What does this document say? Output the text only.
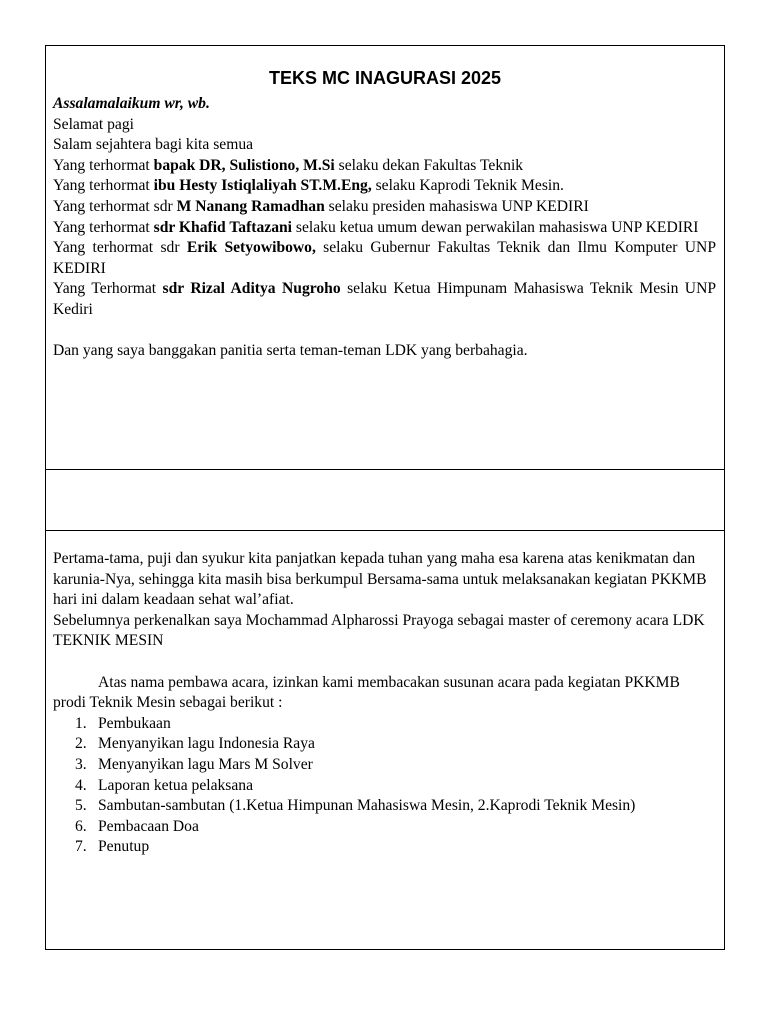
TEKS MC INAGURASI 2025

Assalamalaikum wr, wb.

Selamat pagi

Salam sejahtera bagi kita semua

Yang terhormat bapak DR, Sulistiono, M.Si selaku dekan Fakultas Teknik

Yang terhormat ibu Hesty Istiqlaliyah ST.M.Eng, selaku Kaprodi Teknik Mesin.

Yang terhormat sdr M Nanang Ramadhan selaku presiden mahasiswa UNP KEDIRI

Yang terhormat sdr Khafid Taftazani selaku ketua umum dewan perwakilan mahasiswa UNP KEDIRI

Yang terhormat sdr Erik Setyowibowo, selaku Gubernur Fakultas Teknik dan Ilmu Komputer UNP KEDIRI

Yang Terhormat sdr Rizal Aditya Nugroho selaku Ketua Himpunam Mahasiswa Teknik Mesin UNP Kediri

Dan yang saya banggakan panitia serta teman-teman LDK yang berbahagia.

Pertama-tama, puji dan syukur kita panjatkan kepada tuhan yang maha esa karena atas kenikmatan dan karunia-Nya, sehingga kita masih bisa berkumpul Bersama-sama untuk melaksanakan kegiatan PKKMB hari ini dalam keadaan sehat wal’afiat.

Sebelumnya perkenalkan saya Mochammad Alpharossi Prayoga sebagai master of ceremony acara LDK TEKNIK MESIN

Atas nama pembawa acara, izinkan kami membacakan susunan acara pada kegiatan PKKMB prodi Teknik Mesin sebagai berikut :

1. Pembukaan
2. Menyanyikan lagu Indonesia Raya
3. Menyanyikan lagu Mars M Solver
4. Laporan ketua pelaksana
5. Sambutan-sambutan (1.Ketua Himpunan Mahasiswa Mesin, 2.Kaprodi Teknik Mesin)
6. Pembacaan Doa
7. Penutup
